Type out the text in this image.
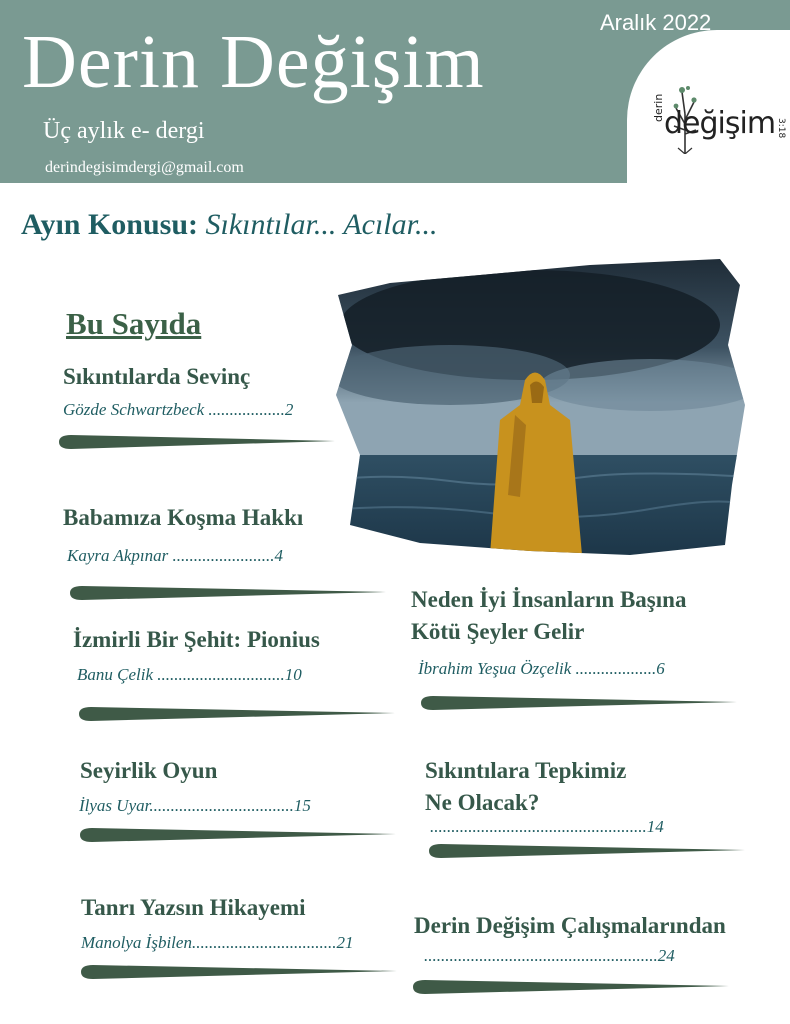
Derin Değişim
Üç aylık e- dergi
derindegisimdergi@gmail.com
Aralık 2022
derin değişim 3:18
Ayın Konusu: Sıkıntılar... Acılar...
Bu Sayıda
Sıkıntılarda Sevinç
Gözde Schwartzbeck ..................2
Babamıza Koşma Hakkı
Kayra Akpınar ........................4
İzmirli Bir Şehit: Pionius
Banu Çelik ..............................10
Seyirlik Oyun
İlyas Uyar..................................15
Tanrı Yazsın Hikayemi
Manolya İşbilen..................................21
Neden İyi İnsanların Başına
Kötü Şeyler Gelir
İbrahim Yeşua Özçelik ...................6
Sıkıntılara Tepkimiz
Ne Olacak?
...................................................14
Derin Değişim Çalışmalarından
.......................................................24
